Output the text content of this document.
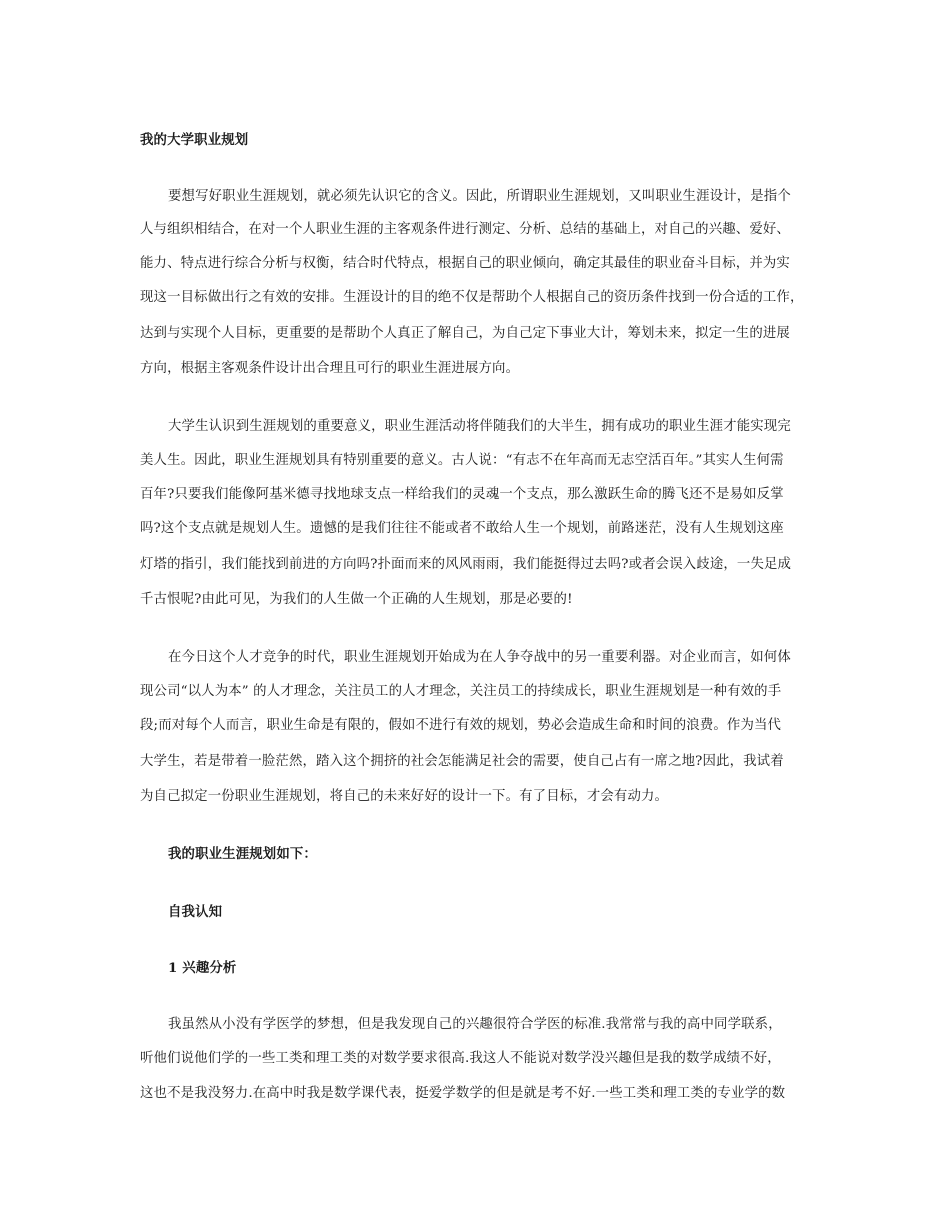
我的大学职业规划
要想写好职业生涯规划，就必须先认识它的含义。因此，所谓职业生涯规划，又叫职业生涯设计，是指个
人与组织相结合，在对一个人职业生涯的主客观条件进行测定、分析、总结的基础上，对自己的兴趣、爱好、
能力、特点进行综合分析与权衡，结合时代特点，根据自己的职业倾向，确定其最佳的职业奋斗目标，并为实
现这一目标做出行之有效的安排。生涯设计的目的绝不仅是帮助个人根据自己的资历条件找到一份合适的工作，
达到与实现个人目标，更重要的是帮助个人真正了解自己，为自己定下事业大计，筹划未来，拟定一生的进展
方向，根据主客观条件设计出合理且可行的职业生涯进展方向。
大学生认识到生涯规划的重要意义，职业生涯活动将伴随我们的大半生，拥有成功的职业生涯才能实现完
美人生。因此，职业生涯规划具有特别重要的意义。古人说：“有志不在年高而无志空活百年。”其实人生何需
百年?只要我们能像阿基米德寻找地球支点一样给我们的灵魂一个支点，那么激跃生命的腾飞还不是易如反掌
吗?这个支点就是规划人生。遗憾的是我们往往不能或者不敢给人生一个规划，前路迷茫，没有人生规划这座
灯塔的指引，我们能找到前进的方向吗?扑面而来的风风雨雨，我们能挺得过去吗?或者会误入歧途，一失足成
千古恨呢?由此可见，为我们的人生做一个正确的人生规划，那是必要的!
在今日这个人才竞争的时代，职业生涯规划开始成为在人争夺战中的另一重要利器。对企业而言，如何体
现公司“以人为本” 的人才理念，关注员工的人才理念，关注员工的持续成长，职业生涯规划是一种有效的手
段;而对每个人而言，职业生命是有限的，假如不进行有效的规划，势必会造成生命和时间的浪费。作为当代
大学生，若是带着一脸茫然，踏入这个拥挤的社会怎能满足社会的需要，使自己占有一席之地?因此，我试着
为自己拟定一份职业生涯规划，将自己的未来好好的设计一下。有了目标，才会有动力。
我的职业生涯规划如下：
自我认知
1 兴趣分析
我虽然从小没有学医学的梦想，但是我发现自己的兴趣很符合学医的标准.我常常与我的高中同学联系，
听他们说他们学的一些工类和理工类的对数学要求很高.我这人不能说对数学没兴趣但是我的数学成绩不好，
这也不是我没努力.在高中时我是数学课代表，挺爱学数学的但是就是考不好.一些工类和理工类的专业学的数
